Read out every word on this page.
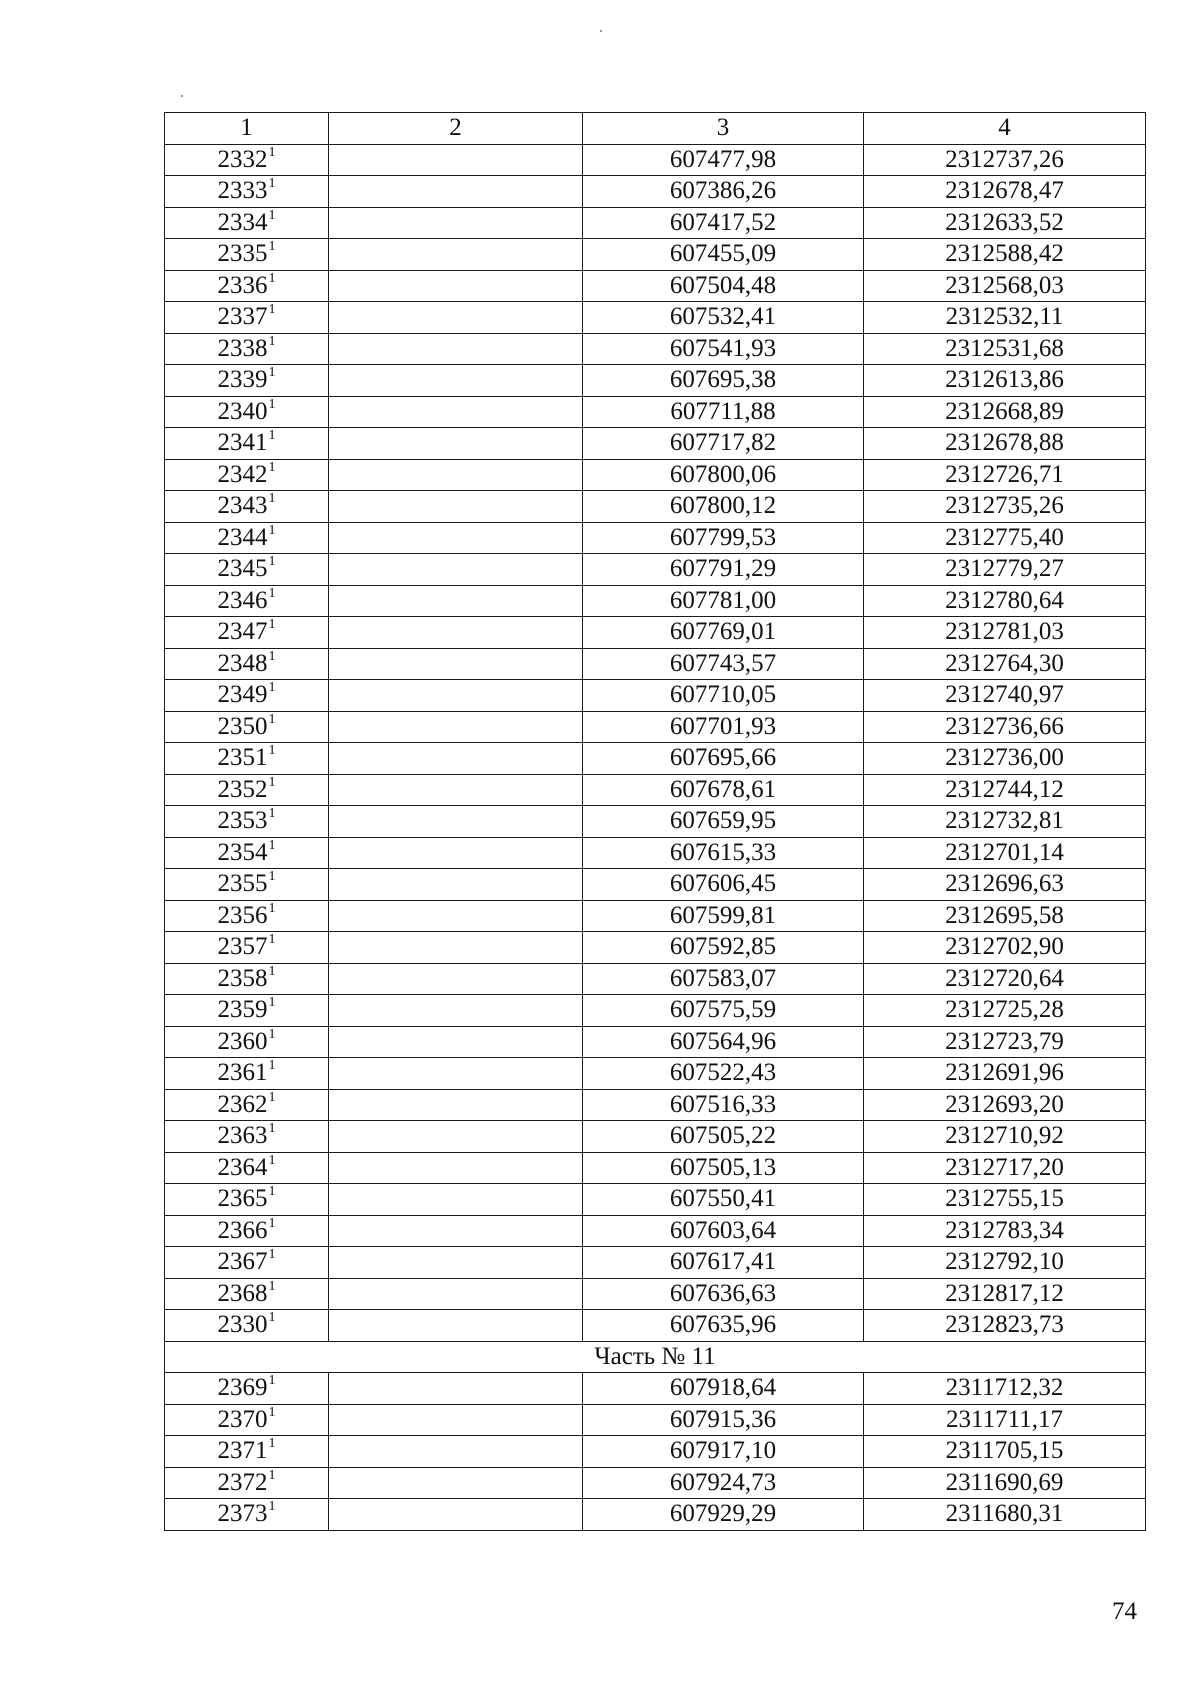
1	2	3	4
2332$^1$		607477,98	2312737,26
2333$^1$		607386,26	2312678,47
2334$^1$		607417,52	2312633,52
2335$^1$		607455,09	2312588,42
2336$^1$		607504,48	2312568,03
2337$^1$		607532,41	2312532,11
2338$^1$		607541,93	2312531,68
2339$^1$		607695,38	2312613,86
2340$^1$		607711,88	2312668,89
2341$^1$		607717,82	2312678,88
2342$^1$		607800,06	2312726,71
2343$^1$		607800,12	2312735,26
2344$^1$		607799,53	2312775,40
2345$^1$		607791,29	2312779,27
2346$^1$		607781,00	2312780,64
2347$^1$		607769,01	2312781,03
2348$^1$		607743,57	2312764,30
2349$^1$		607710,05	2312740,97
2350$^1$		607701,93	2312736,66
2351$^1$		607695,66	2312736,00
2352$^1$		607678,61	2312744,12
2353$^1$		607659,95	2312732,81
2354$^1$		607615,33	2312701,14
2355$^1$		607606,45	2312696,63
2356$^1$		607599,81	2312695,58
2357$^1$		607592,85	2312702,90
2358$^1$		607583,07	2312720,64
2359$^1$		607575,59	2312725,28
2360$^1$		607564,96	2312723,79
2361$^1$		607522,43	2312691,96
2362$^1$		607516,33	2312693,20
2363$^1$		607505,22	2312710,92
2364$^1$		607505,13	2312717,20
2365$^1$		607550,41	2312755,15
2366$^1$		607603,64	2312783,34
2367$^1$		607617,41	2312792,10
2368$^1$		607636,63	2312817,12
2330$^1$		607635,96	2312823,73
Часть № 11			
2369$^1$		607918,64	2311712,32
2370$^1$		607915,36	2311711,17
2371$^1$		607917,10	2311705,15
2372$^1$		607924,73	2311690,69
2373$^1$		607929,29	2311680,31
74
